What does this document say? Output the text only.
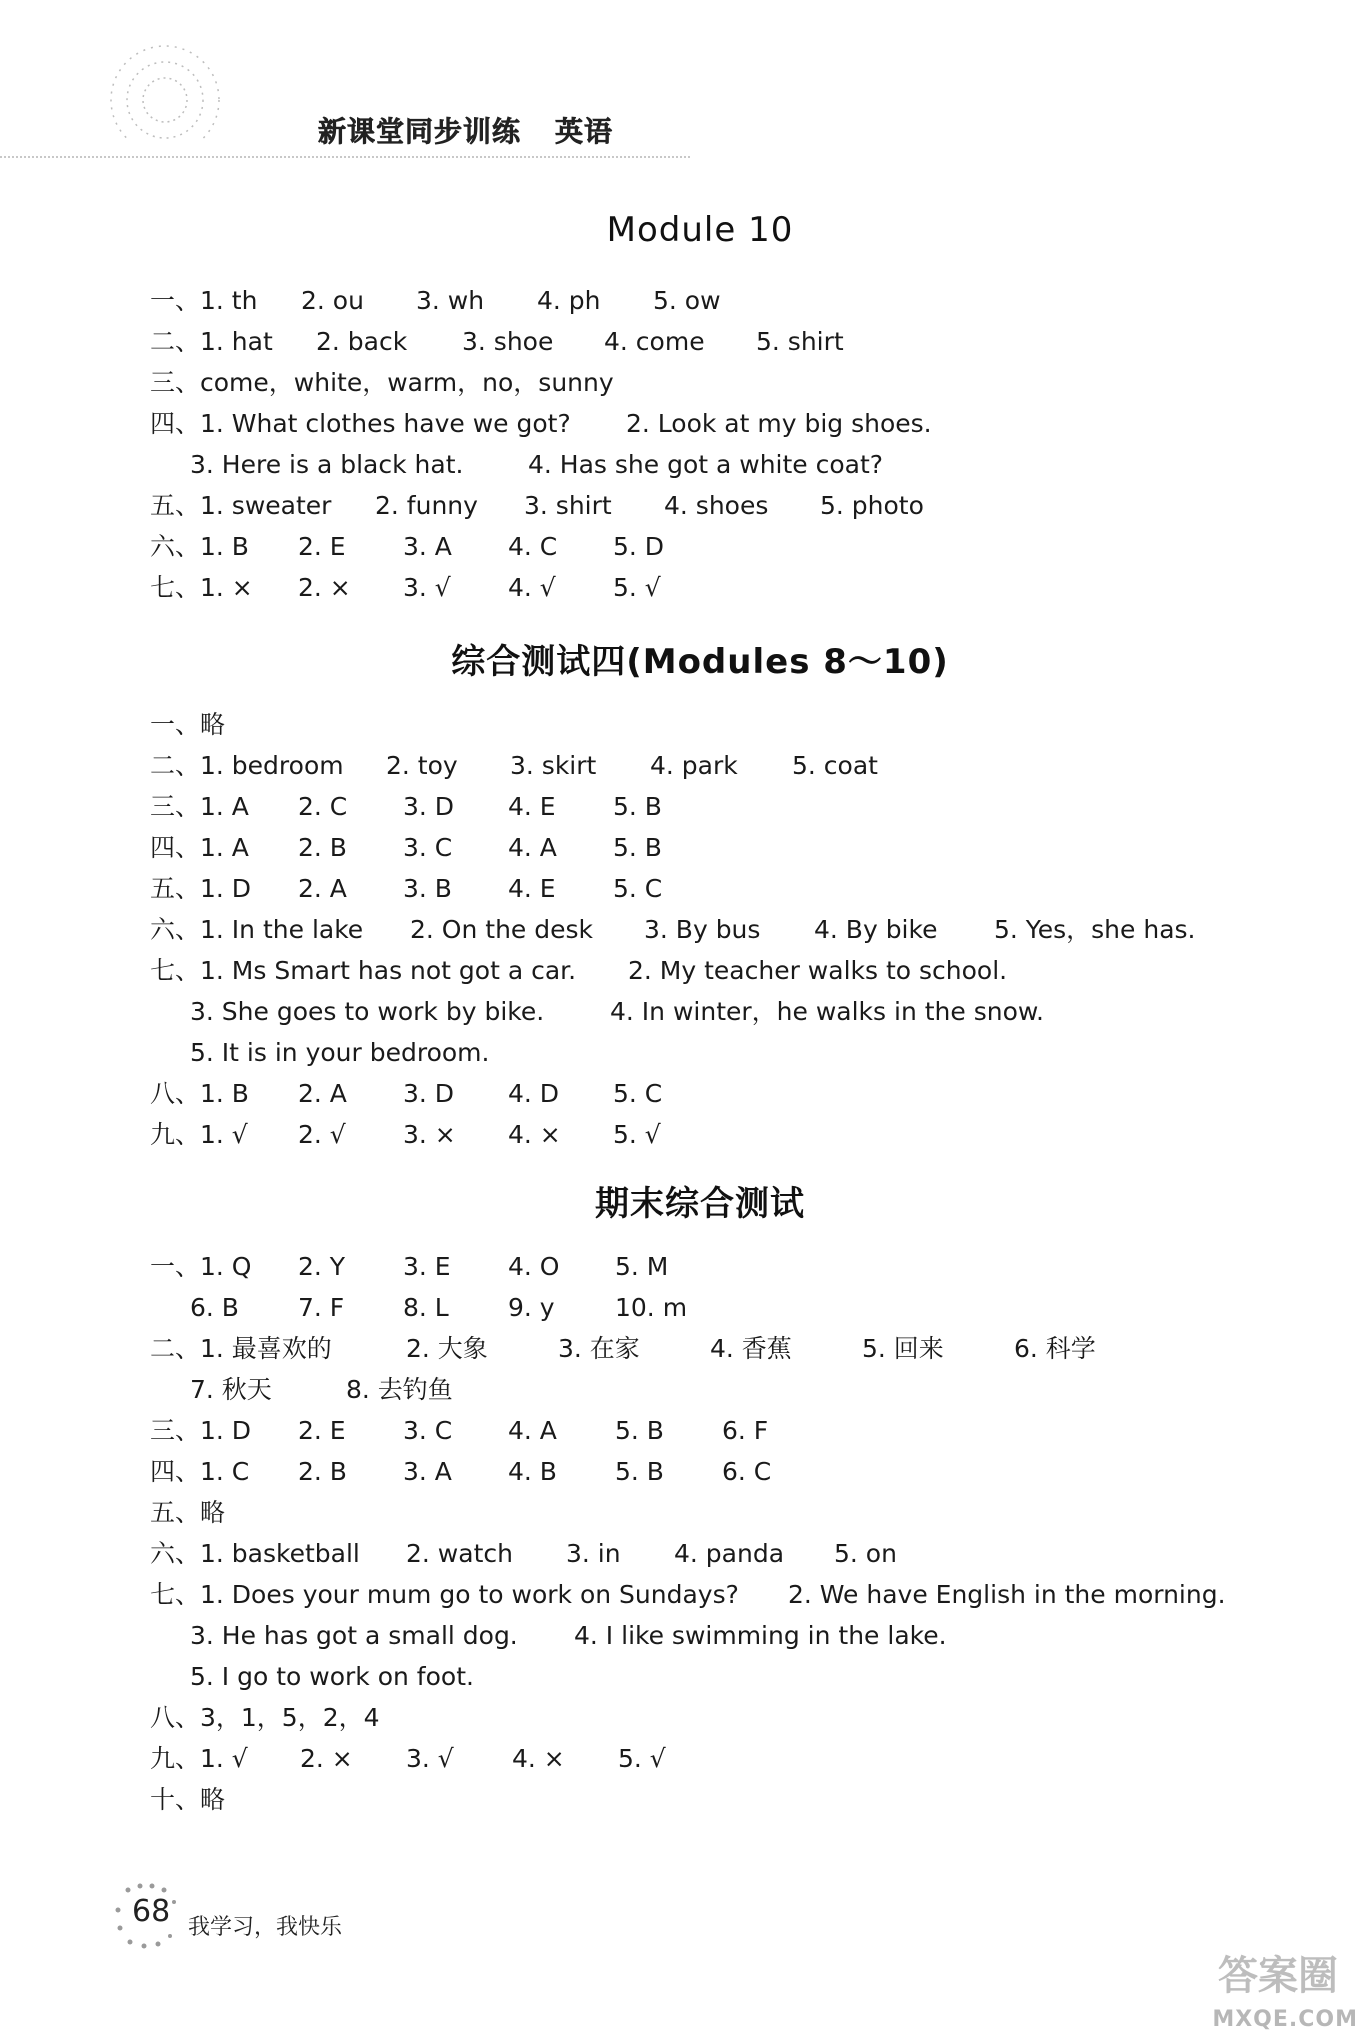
新课堂同步训练 英语
Module 10
一、1. th 2. ou 3. wh 4. ph 5. ow
二、1. hat 2. back 3. shoe 4. come 5. shirt
三、come，white，warm，no，sunny
四、1. What clothes have we got? 2. Look at my big shoes.
3. Here is a black hat.	4. Has she got a white coat?
五、1. sweater 2. funny 3. shirt 4. shoes 5. photo
六、1. B 2. E 3. A 4. C 5. D
七、1. × 2. × 3. √ 4. √ 5. √
综合测试四(Modules 8～10)
一、略
二、1. bedroom 2. toy 3. skirt 4. park 5. coat
三、1. A 2. C 3. D 4. E 5. B
四、1. A 2. B 3. C 4. A 5. B
五、1. D 2. A 3. B 4. E 5. C
六、1. In the lake 2. On the desk 3. By bus 4. By bike 5. Yes，she has.
七、1. Ms Smart has not got a car. 2. My teacher walks to school.
3. She goes to work by bike.	4. In winter，he walks in the snow.
5. It is in your bedroom.
八、1. B 2. A 3. D 4. D 5. C
九、1. √ 2. √ 3. × 4. × 5. √
期末综合测试
一、1. Q 2. Y 3. E 4. O 5. M
6. B 7. F 8. L 9. y 10. m
二、1. 最喜欢的	2. 大象	3. 在家	4. 香蕉	5. 回来	6. 科学
7. 秋天	8. 去钓鱼
三、1. D 2. E 3. C 4. A 5. B 6. F
四、1. C 2. B 3. A 4. B 5. B 6. C
五、略
六、1. basketball 2. watch 3. in 4. panda 5. on
七、1. Does your mum go to work on Sundays? 2. We have English in the morning.
3. He has got a small dog. 4. I like swimming in the lake.
5. I go to work on foot.
八、3，1，5，2，4
九、1. √ 2. × 3. √ 4. × 5. √
十、略
68 我学习，我快乐
答案圈
MXQE.COM
